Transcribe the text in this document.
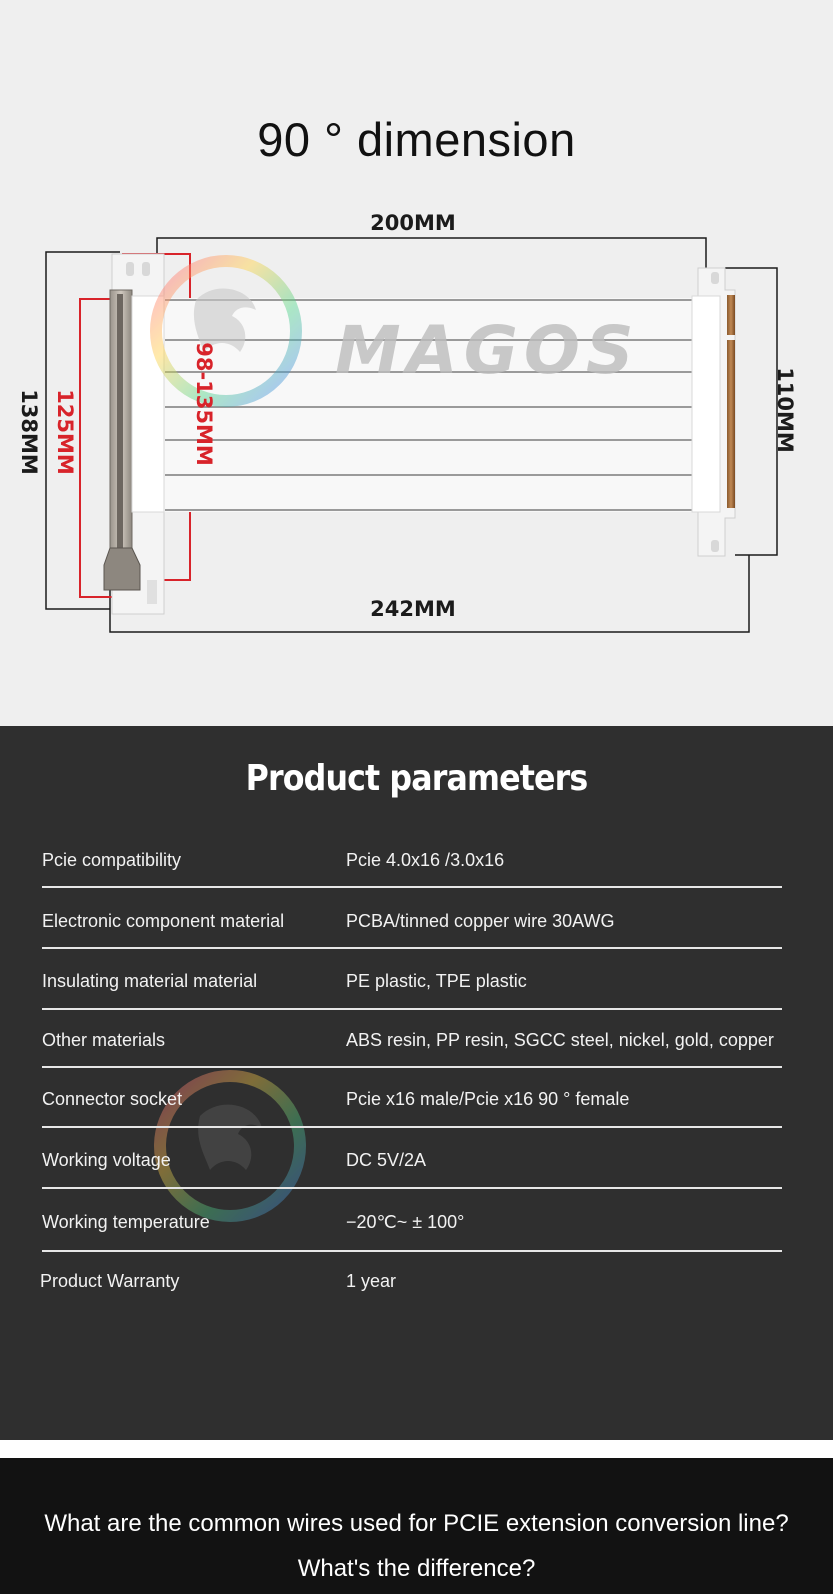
MAGOS
200MM
242MM
138MM 125MM	98-135MM	110MM
90 ° dimension
Product parameters
Pcie compatibility	Pcie 4.0x16 /3.0x16
Electronic component material	PCBA/tinned copper wire 30AWG
Insulating material material	PE plastic, TPE plastic
Other materials	ABS resin, PP resin, SGCC steel, nickel, gold, copper
Connector socket	Pcie x16 male/Pcie x16 90 ° female
Working voltage	DC 5V/2A
Working temperature	−20℃~ ± 100°
Product Warranty	1 year
What are the common wires used for PCIE extension conversion line?
What's the difference?
